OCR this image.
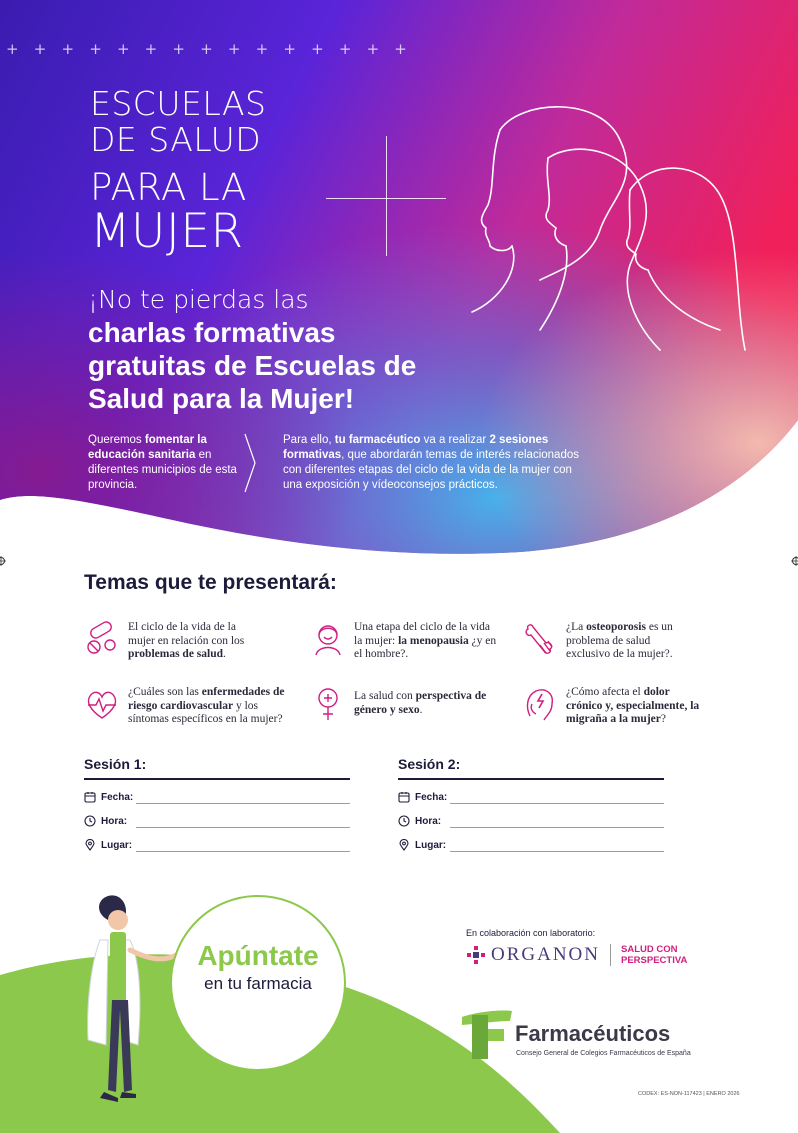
+ + + + + + + + + + + + + + +
ESCUELAS
DE SALUD
PARA LA
MUJER
¡No te pierdas las
charlas formativas gratuitas de Escuelas de Salud para la Mujer!
Queremos fomentar la educación sanitaria en diferentes municipios de esta provincia.
Para ello, tu farmacéutico va a realizar 2 sesiones formativas, que abordarán temas de interés relacionados con diferentes etapas del ciclo de la vida de la mujer con una exposición y vídeoconsejos prácticos.
Temas que te presentará:
El ciclo de la vida de la mujer en relación con los problemas de salud.
Una etapa del ciclo de la vida la mujer: la menopausia ¿y en el hombre?.
¿La osteoporosis es un problema de salud exclusivo de la mujer?.
¿Cuáles son las enfermedades de riesgo cardiovascular y los síntomas específicos en la mujer?
La salud con perspectiva de género y sexo.
¿Cómo afecta el dolor crónico y, especialmente, la migraña a la mujer?
Sesión 1:
Fecha:
Hora:
Lugar:
Sesión 2:
Fecha:
Hora:
Lugar:
Apúntate
en tu farmacia
En colaboración con laboratorio:
ORGANON SALUD CON
PERSPECTIVA
Farmacéuticos
Consejo General de Colegios Farmacéuticos de España
CODEX: ES-NON-117423 | ENERO 2026
